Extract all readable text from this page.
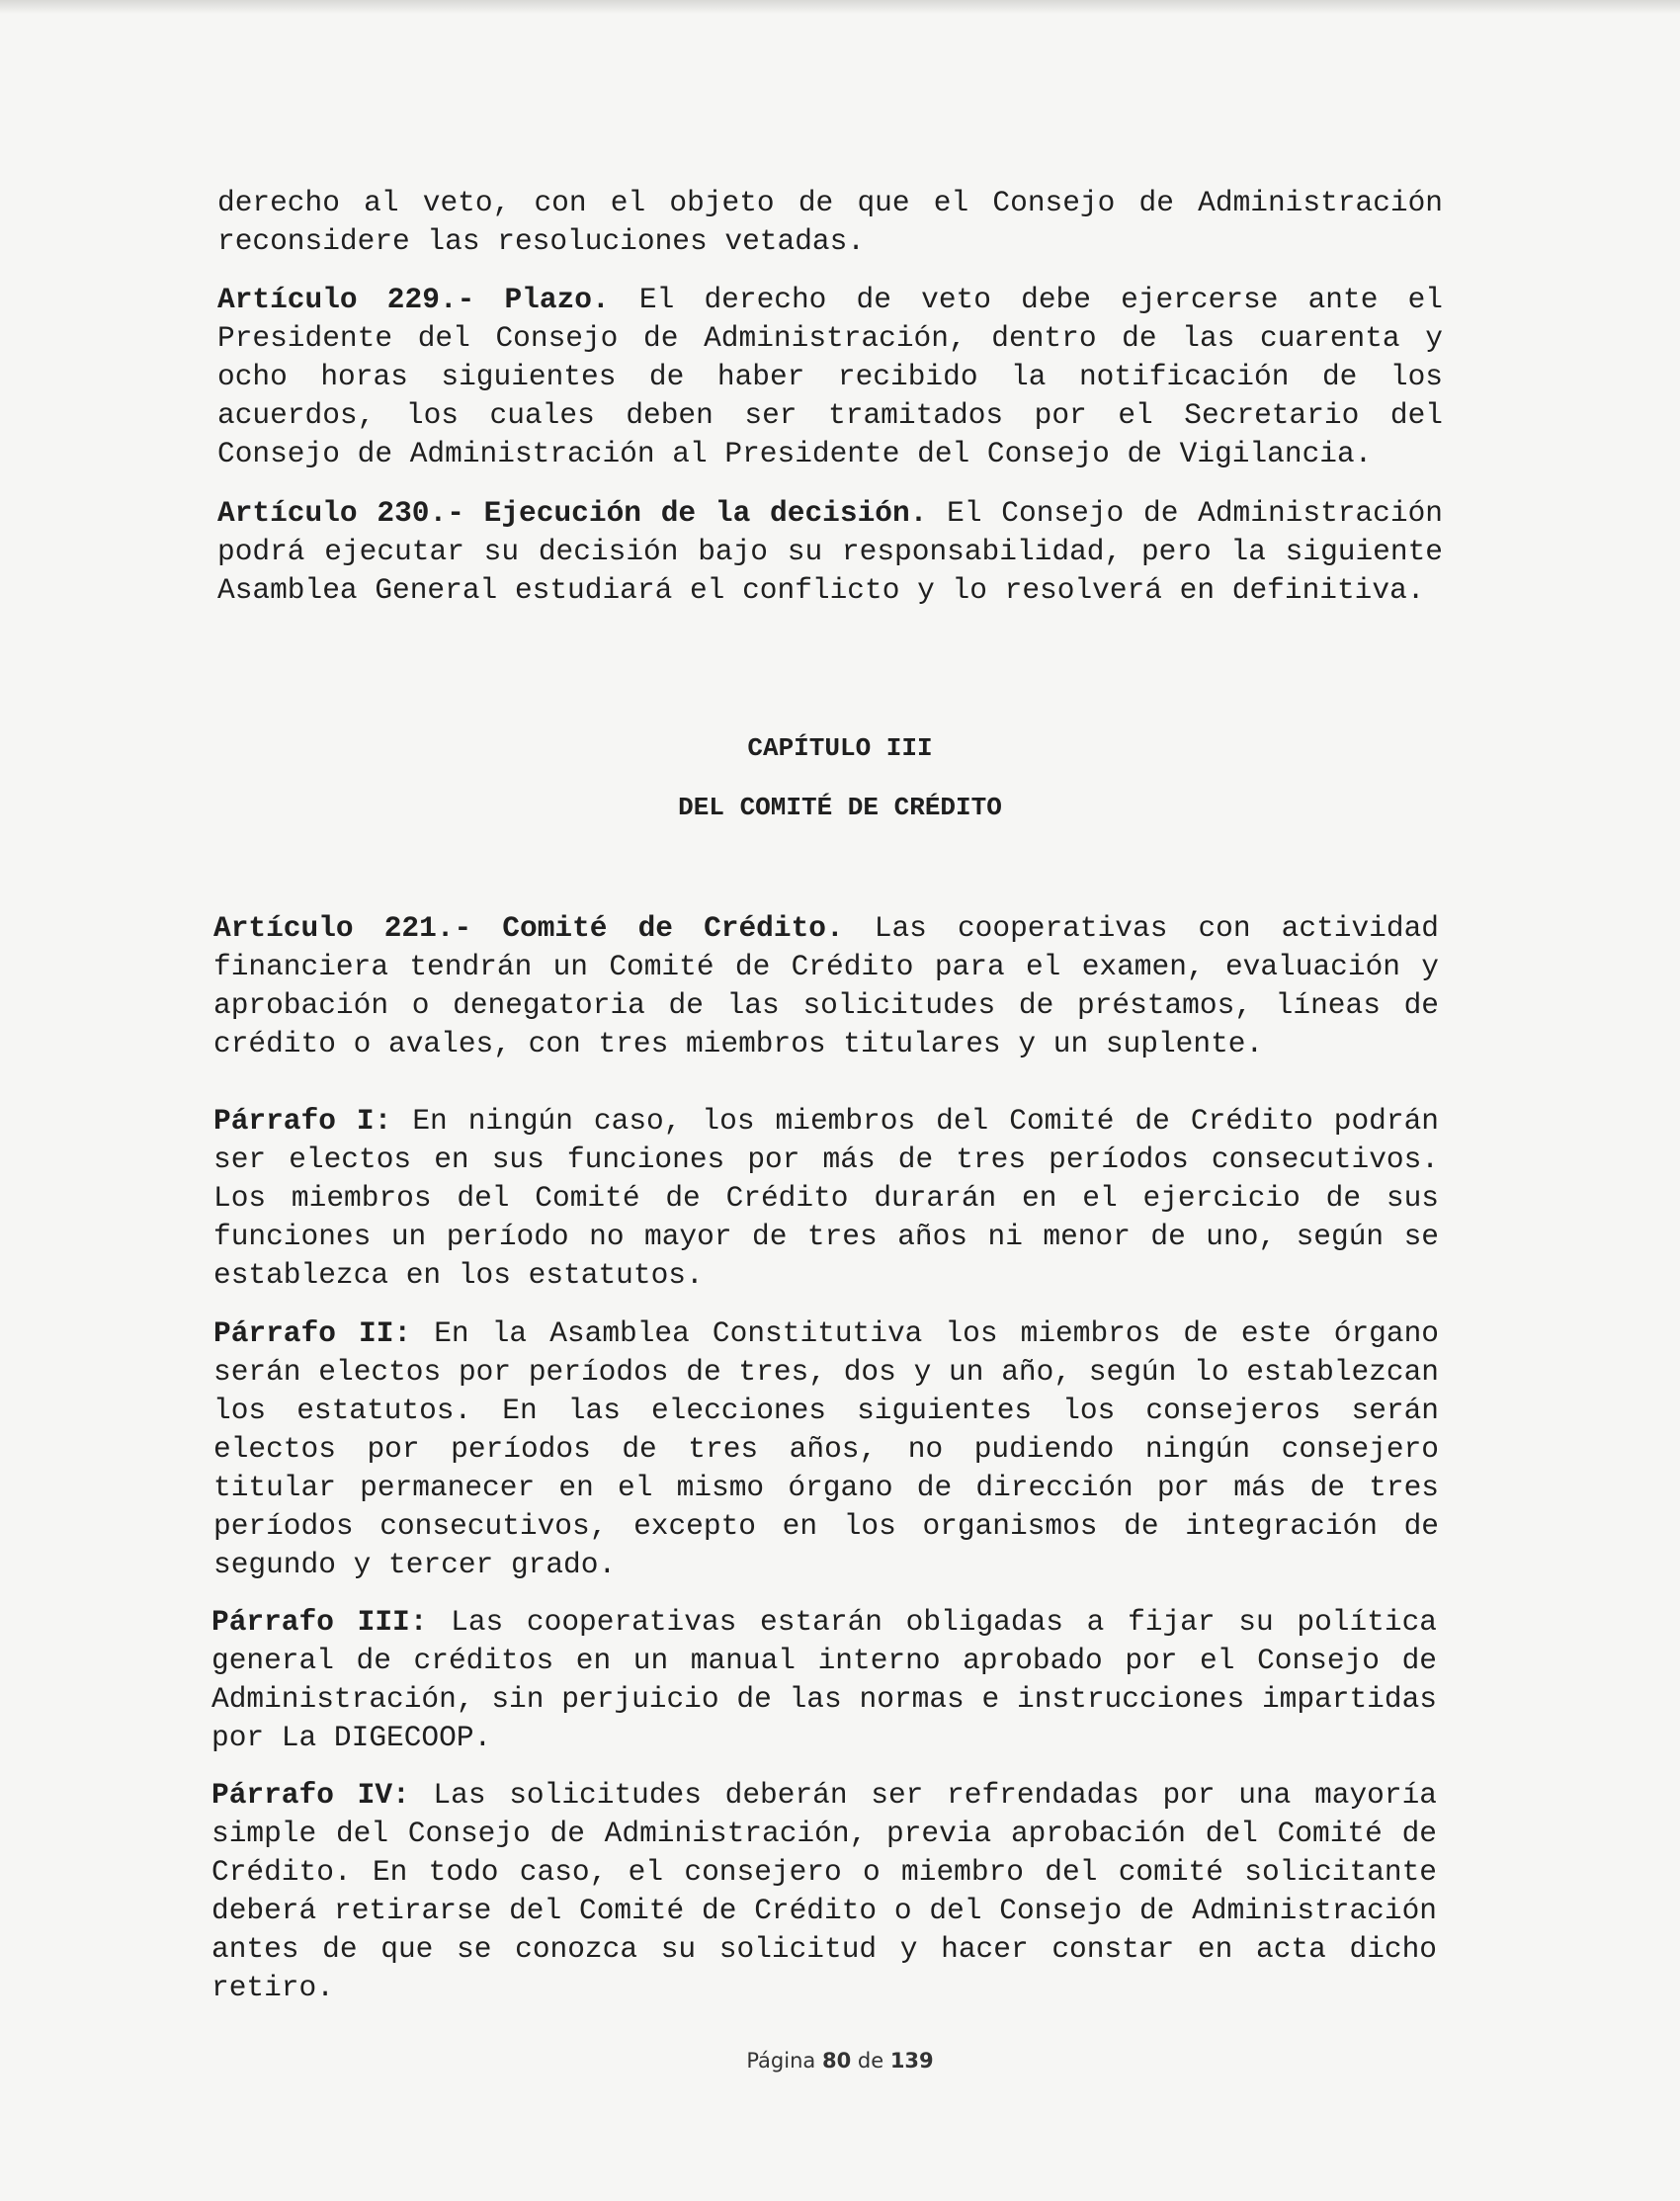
derecho al veto, con el objeto de que el Consejo de Administración reconsidere las resoluciones vetadas.

Artículo 229.- Plazo. El derecho de veto debe ejercerse ante el Presidente del Consejo de Administración, dentro de las cuarenta y ocho horas siguientes de haber recibido la notificación de los acuerdos, los cuales deben ser tramitados por el Secretario del Consejo de Administración al Presidente del Consejo de Vigilancia.

Artículo 230.- Ejecución de la decisión. El Consejo de Administración podrá ejecutar su decisión bajo su responsabilidad, pero la siguiente Asamblea General estudiará el conflicto y lo resolverá en definitiva.

CAPÍTULO III

DEL COMITÉ DE CRÉDITO

Artículo 221.- Comité de Crédito. Las cooperativas con actividad financiera tendrán un Comité de Crédito para el examen, evaluación y aprobación o denegatoria de las solicitudes de préstamos, líneas de crédito o avales, con tres miembros titulares y un suplente.

Párrafo I: En ningún caso, los miembros del Comité de Crédito podrán ser electos en sus funciones por más de tres períodos consecutivos. Los miembros del Comité de Crédito durarán en el ejercicio de sus funciones un período no mayor de tres años ni menor de uno, según se establezca en los estatutos.

Párrafo II: En la Asamblea Constitutiva los miembros de este órgano serán electos por períodos de tres, dos y un año, según lo establezcan los estatutos. En las elecciones siguientes los consejeros serán electos por períodos de tres años, no pudiendo ningún consejero titular permanecer en el mismo órgano de dirección por más de tres períodos consecutivos, excepto en los organismos de integración de segundo y tercer grado.

Párrafo III: Las cooperativas estarán obligadas a fijar su política general de créditos en un manual interno aprobado por el Consejo de Administración, sin perjuicio de las normas e instrucciones impartidas por La DIGECOOP.

Párrafo IV: Las solicitudes deberán ser refrendadas por una mayoría simple del Consejo de Administración, previa aprobación del Comité de Crédito. En todo caso, el consejero o miembro del comité solicitante deberá retirarse del Comité de Crédito o del Consejo de Administración antes de que se conozca su solicitud y hacer constar en acta dicho retiro.

Página 80 de 139
